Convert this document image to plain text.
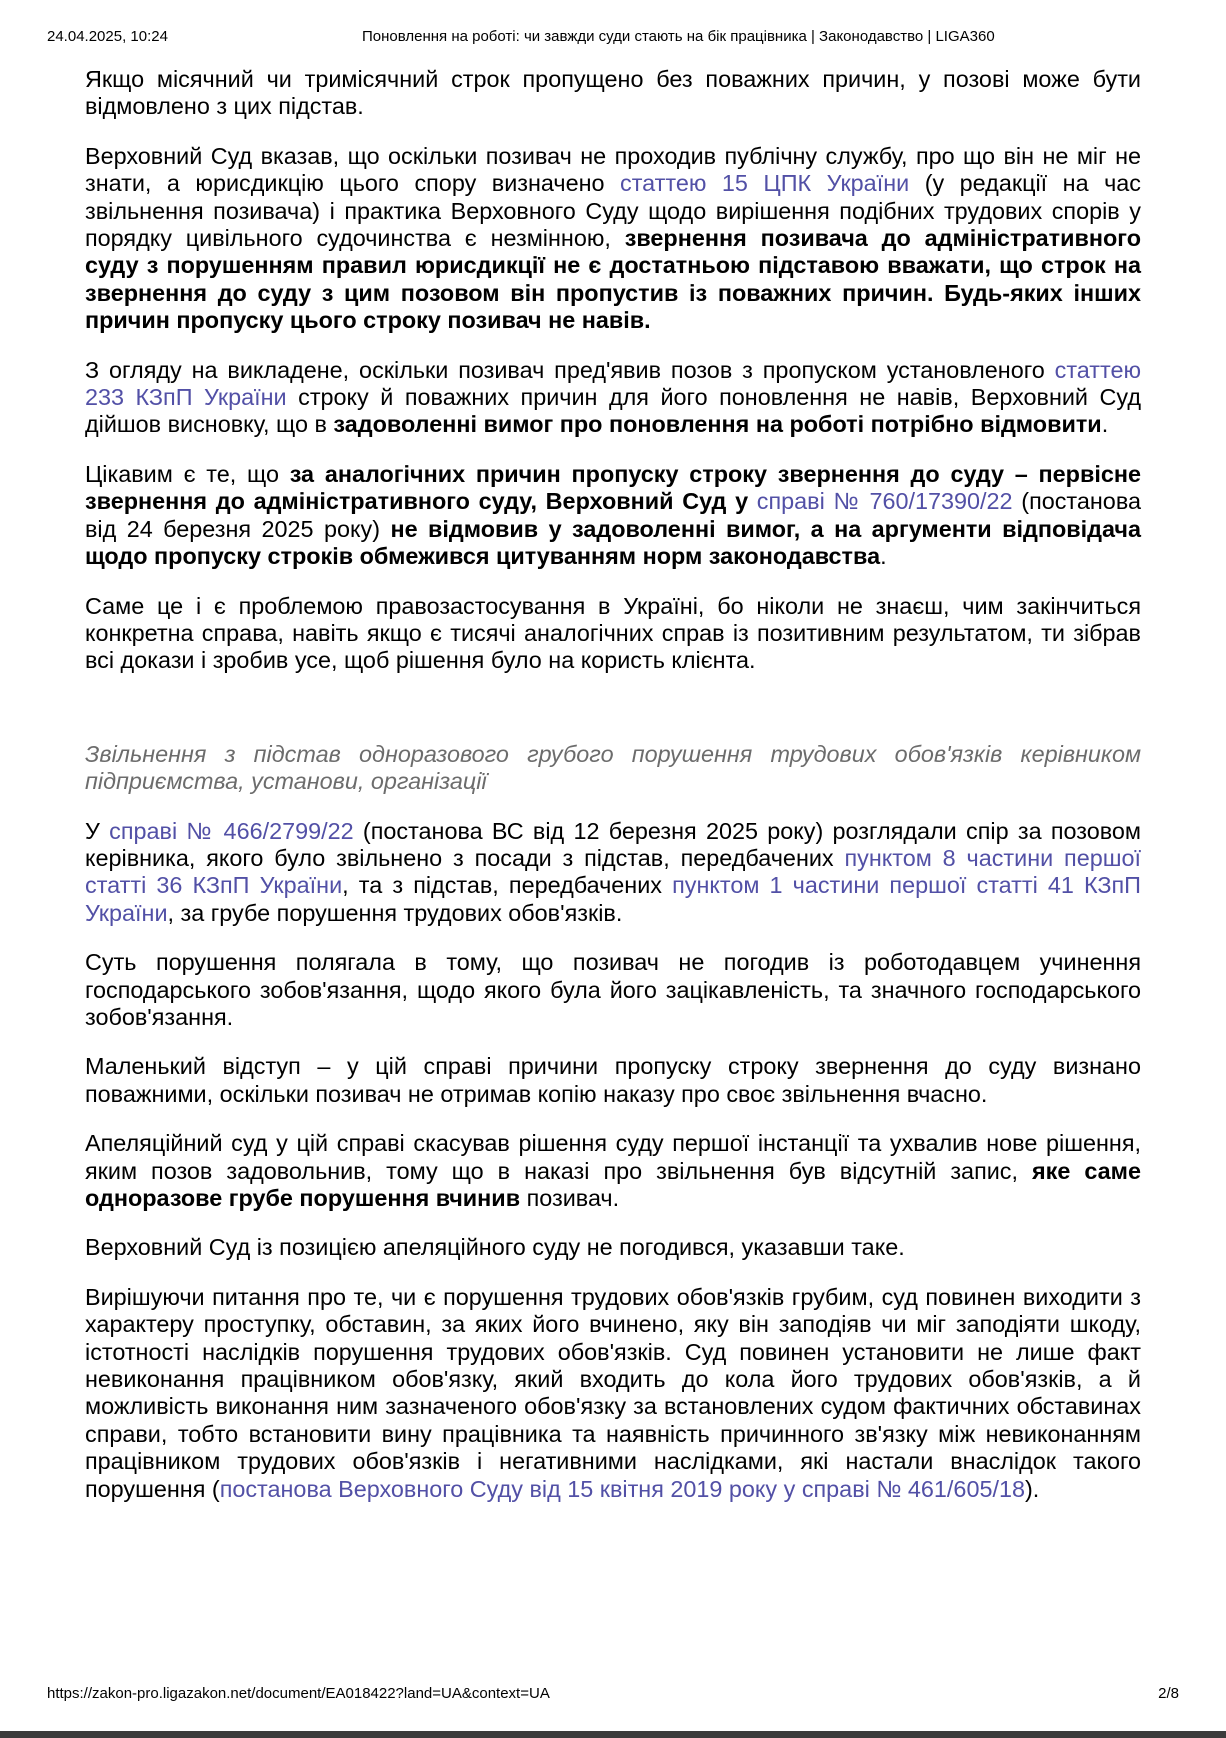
24.04.2025, 10:24	Поновлення на роботі: чи завжди суди стають на бік працівника | Законодавство | LIGA360

Якщо місячний чи тримісячний строк пропущено без поважних причин, у позові може бути відмовлено з цих підстав.

Верховний Суд вказав, що оскільки позивач не проходив публічну службу, про що він не міг не знати, а юрисдикцію цього спору визначено статтею 15 ЦПК України (у редакції на час звільнення позивача) і практика Верховного Суду щодо вирішення подібних трудових спорів у порядку цивільного судочинства є незмінною, звернення позивача до адміністративного суду з порушенням правил юрисдикції не є достатньою підставою вважати, що строк на звернення до суду з цим позовом він пропустив із поважних причин. Будь-яких інших причин пропуску цього строку позивач не навів.

З огляду на викладене, оскільки позивач пред'явив позов з пропуском установленого статтею 233 КЗпП України строку й поважних причин для його поновлення не навів, Верховний Суд дійшов висновку, що в задоволенні вимог про поновлення на роботі потрібно відмовити.

Цікавим є те, що за аналогічних причин пропуску строку звернення до суду – первісне звернення до адміністративного суду, Верховний Суд у справі № 760/17390/22 (постанова від 24 березня 2025 року) не відмовив у задоволенні вимог, а на аргументи відповідача щодо пропуску строків обмежився цитуванням норм законодавства.

Саме це і є проблемою правозастосування в Україні, бо ніколи не знаєш, чим закінчиться конкретна справа, навіть якщо є тисячі аналогічних справ із позитивним результатом, ти зібрав всі докази і зробив усе, щоб рішення було на користь клієнта.

Звільнення з підстав одноразового грубого порушення трудових обов'язків керівником підприємства, установи, організації

У справі № 466/2799/22 (постанова ВС від 12 березня 2025 року) розглядали спір за позовом керівника, якого було звільнено з посади з підстав, передбачених пунктом 8 частини першої статті 36 КЗпП України, та з підстав, передбачених пунктом 1 частини першої статті 41 КЗпП України, за грубе порушення трудових обов'язків.

Суть порушення полягала в тому, що позивач не погодив із роботодавцем учинення господарського зобов'язання, щодо якого була його зацікавленість, та значного господарського зобов'язання.

Маленький відступ – у цій справі причини пропуску строку звернення до суду визнано поважними, оскільки позивач не отримав копію наказу про своє звільнення вчасно.

Апеляційний суд у цій справі скасував рішення суду першої інстанції та ухвалив нове рішення, яким позов задовольнив, тому що в наказі про звільнення був відсутній запис, яке саме одноразове грубе порушення вчинив позивач.

Верховний Суд із позицією апеляційного суду не погодився, указавши таке.

Вирішуючи питання про те, чи є порушення трудових обов'язків грубим, суд повинен виходити з характеру проступку, обставин, за яких його вчинено, яку він заподіяв чи міг заподіяти шкоду, істотності наслідків порушення трудових обов'язків. Суд повинен установити не лише факт невиконання працівником обов'язку, який входить до кола його трудових обов'язків, а й можливість виконання ним зазначеного обов'язку за встановлених судом фактичних обставинах справи, тобто встановити вину працівника та наявність причинного зв'язку між невиконанням працівником трудових обов'язків і негативними наслідками, які настали внаслідок такого порушення (постанова Верховного Суду від 15 квітня 2019 року у справі № 461/605/18).

https://zakon-pro.ligazakon.net/document/EA018422?land=UA&context=UA	2/8
